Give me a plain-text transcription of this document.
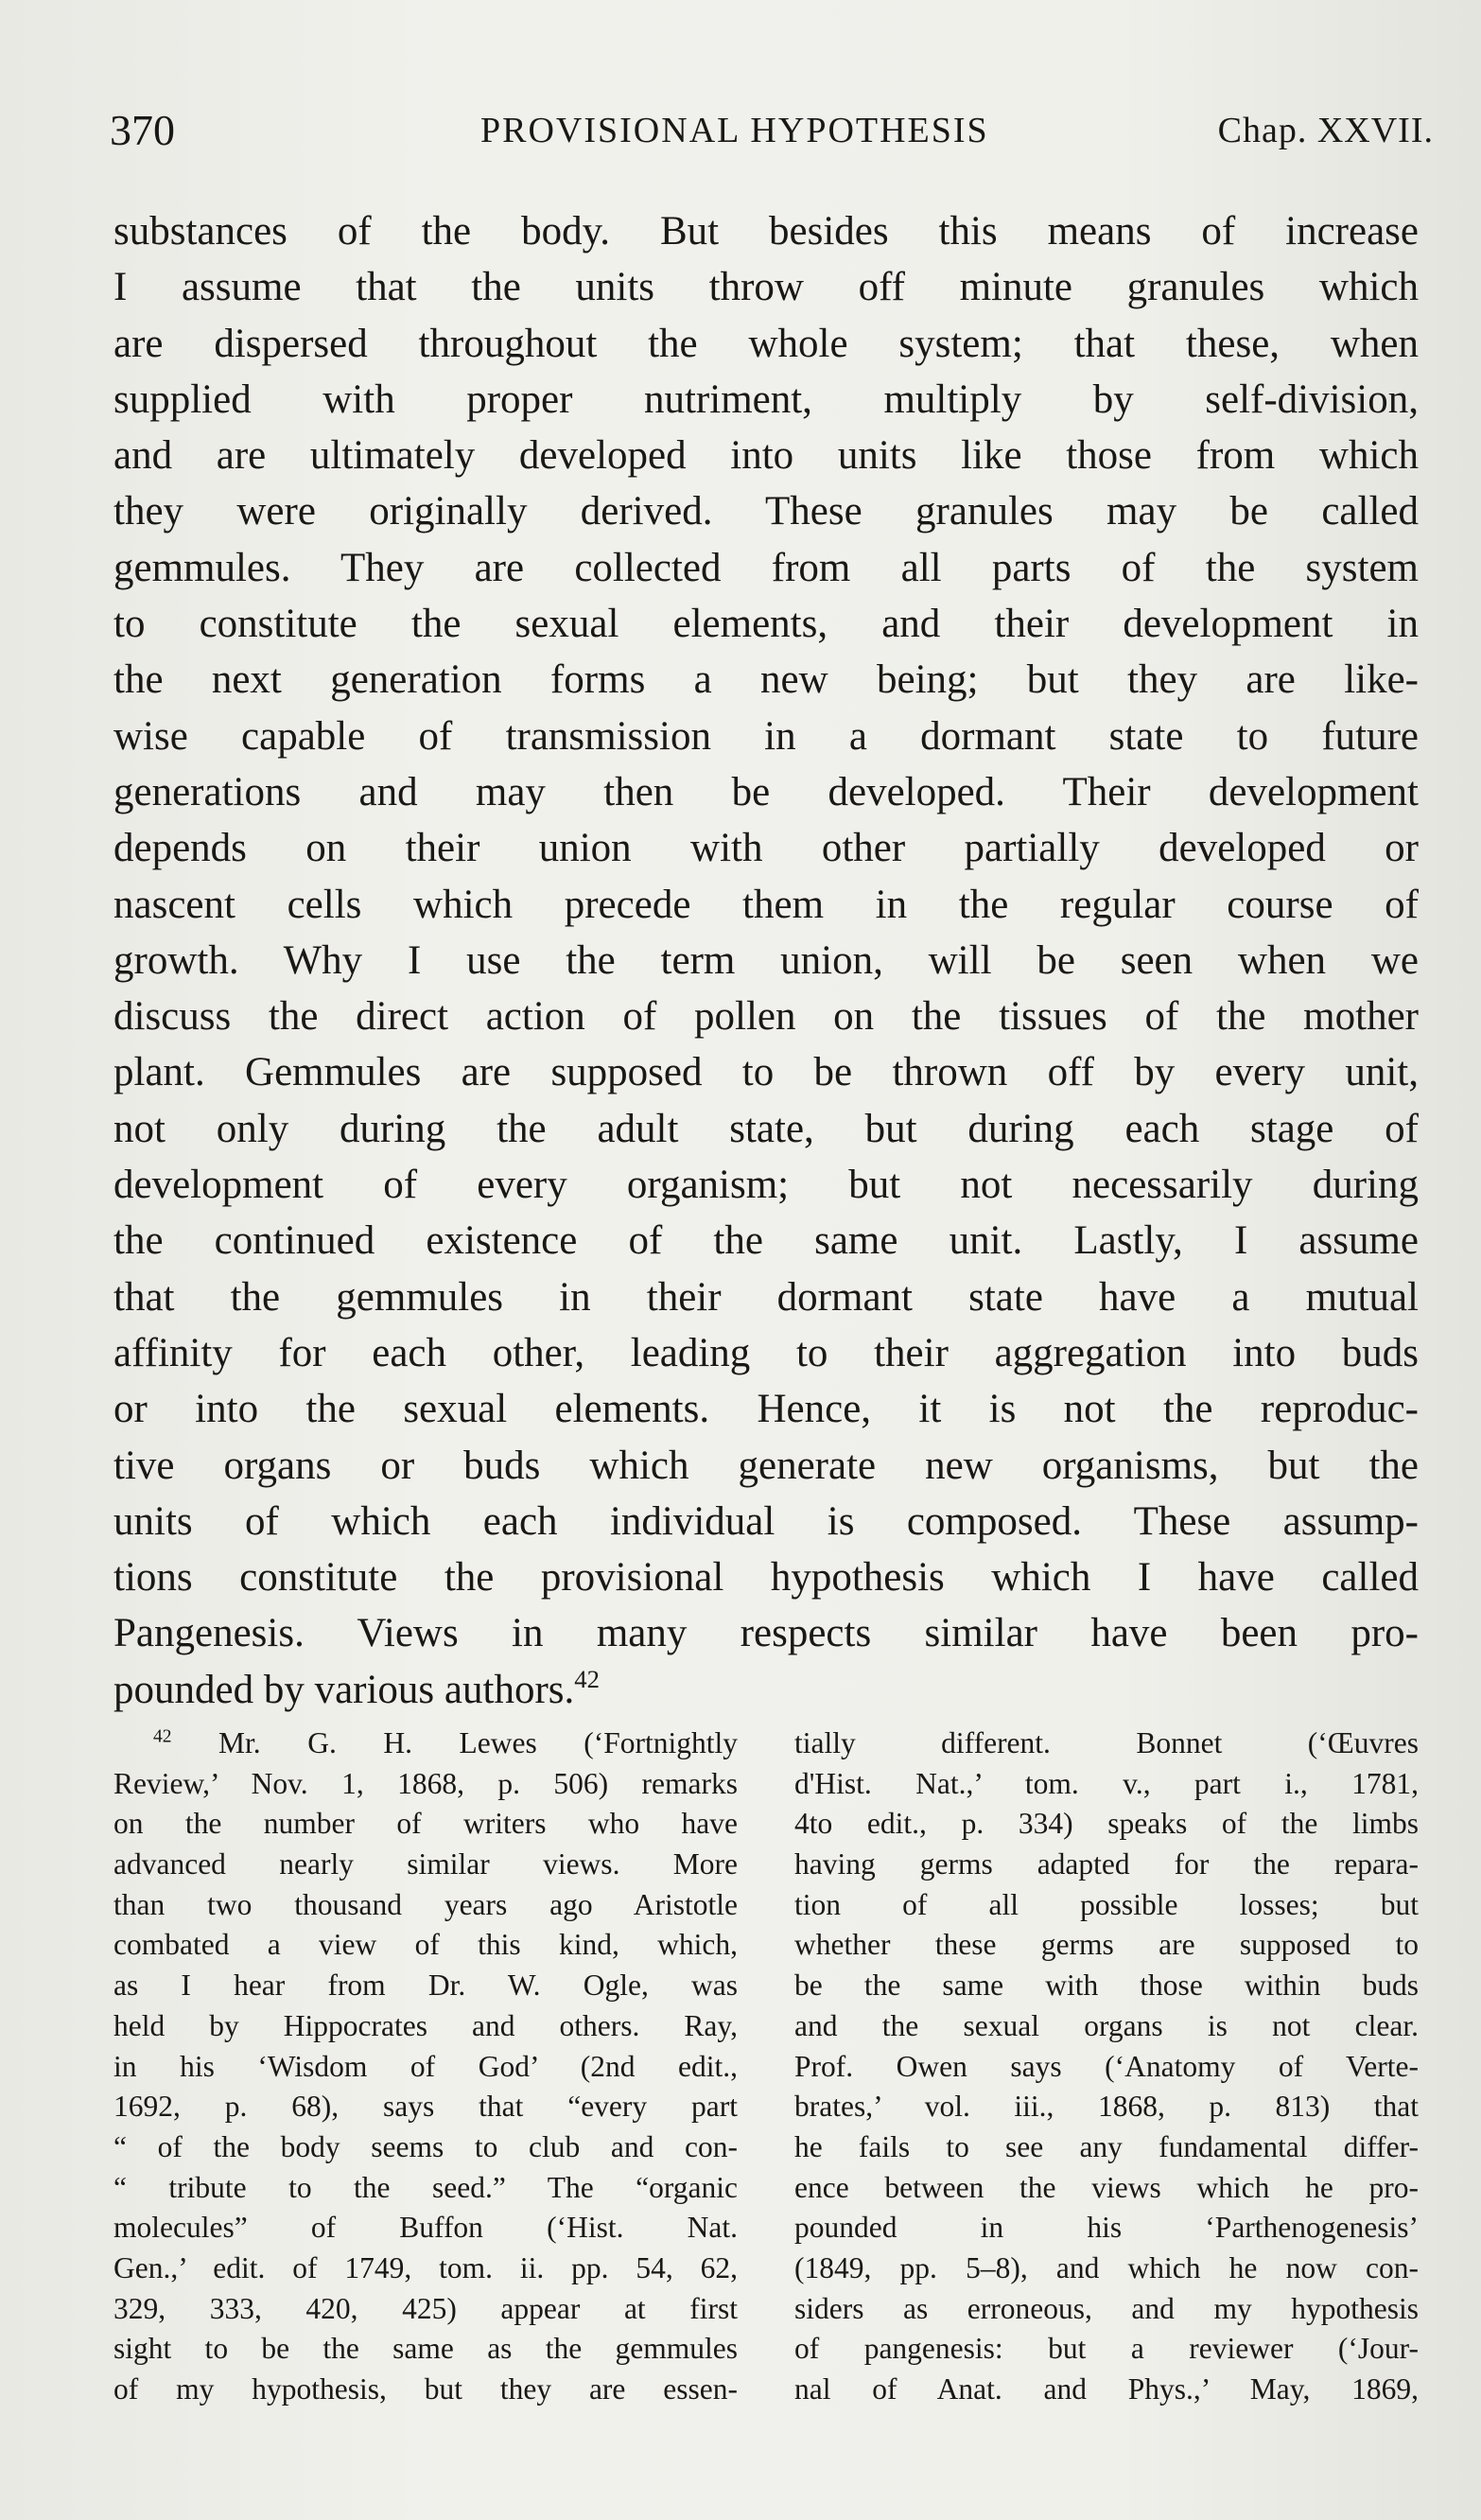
370	PROVISIONAL HYPOTHESIS	Chap. XXVII.
substances of the body. But besides this means of increase
I assume that the units throw off minute granules which
are dispersed throughout the whole system; that these, when
supplied with proper nutriment, multiply by self-division,
and are ultimately developed into units like those from which
they were originally derived. These granules may be called
gemmules. They are collected from all parts of the system
to constitute the sexual elements, and their development in
the next generation forms a new being; but they are like-
wise capable of transmission in a dormant state to future
generations and may then be developed. Their development
depends on their union with other partially developed or
nascent cells which precede them in the regular course of
growth. Why I use the term union, will be seen when we
discuss the direct action of pollen on the tissues of the mother
plant. Gemmules are supposed to be thrown off by every unit,
not only during the adult state, but during each stage of
development of every organism; but not necessarily during
the continued existence of the same unit. Lastly, I assume
that the gemmules in their dormant state have a mutual
affinity for each other, leading to their aggregation into buds
or into the sexual elements. Hence, it is not the reproduc-
tive organs or buds which generate new organisms, but the
units of which each individual is composed. These assump-
tions constitute the provisional hypothesis which I have called
Pangenesis. Views in many respects similar have been pro-
pounded by various authors.$^{42}$
$^{42}$ Mr. G. H. Lewes (‘Fortnightly
Review,’ Nov. 1, 1868, p. 506) remarks
on the number of writers who have
advanced nearly similar views. More
than two thousand years ago Aristotle
combated a view of this kind, which,
as I hear from Dr. W. Ogle, was
held by Hippocrates and others. Ray,
in his ‘Wisdom of God’ (2nd edit.,
1692, p. 68), says that “every part
“ of the body seems to club and con-
“ tribute to the seed.” The “organic
molecules” of Buffon (‘Hist. Nat.
Gen.,’ edit. of 1749, tom. ii. pp. 54, 62,
329, 333, 420, 425) appear at first
sight to be the same as the gemmules
of my hypothesis, but they are essen-
tially different. Bonnet (‘Œuvres
d'Hist. Nat.,’ tom. v., part i., 1781,
4to edit., p. 334) speaks of the limbs
having germs adapted for the repara-
tion of all possible losses; but
whether these germs are supposed to
be the same with those within buds
and the sexual organs is not clear.
Prof. Owen says (‘Anatomy of Verte-
brates,’ vol. iii., 1868, p. 813) that
he fails to see any fundamental differ-
ence between the views which he pro-
pounded in his ‘Parthenogenesis’
(1849, pp. 5–8), and which he now con-
siders as erroneous, and my hypothesis
of pangenesis: but a reviewer (‘Jour-
nal of Anat. and Phys.,’ May, 1869,
